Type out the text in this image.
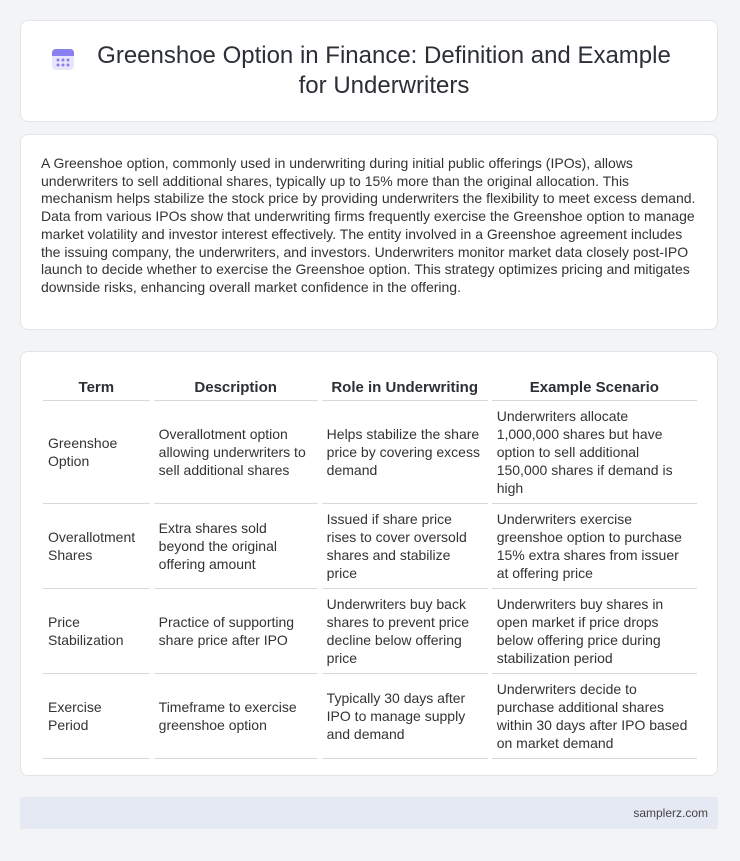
Greenshoe Option in Finance: Definition and Example for Underwriters

A Greenshoe option, commonly used in underwriting during initial public offerings (IPOs), allows underwriters to sell additional shares, typically up to 15% more than the original allocation. This mechanism helps stabilize the stock price by providing underwriters the flexibility to meet excess demand. Data from various IPOs show that underwriting firms frequently exercise the Greenshoe option to manage market volatility and investor interest effectively. The entity involved in a Greenshoe agreement includes the issuing company, the underwriters, and investors. Underwriters monitor market data closely post-IPO launch to decide whether to exercise the Greenshoe option. This strategy optimizes pricing and mitigates downside risks, enhancing overall market confidence in the offering.

Term	Description	Role in Underwriting	Example Scenario
Greenshoe Option	Overallotment option allowing underwriters to sell additional shares	Helps stabilize the share price by covering excess demand	Underwriters allocate 1,000,000 shares but have option to sell additional 150,000 shares if demand is high
Overallotment Shares	Extra shares sold beyond the original offering amount	Issued if share price rises to cover oversold shares and stabilize price	Underwriters exercise greenshoe option to purchase 15% extra shares from issuer at offering price
Price Stabilization	Practice of supporting share price after IPO	Underwriters buy back shares to prevent price decline below offering price	Underwriters buy shares in open market if price drops below offering price during stabilization period
Exercise Period	Timeframe to exercise greenshoe option	Typically 30 days after IPO to manage supply and demand	Underwriters decide to purchase additional shares within 30 days after IPO based on market demand
samplerz.com
